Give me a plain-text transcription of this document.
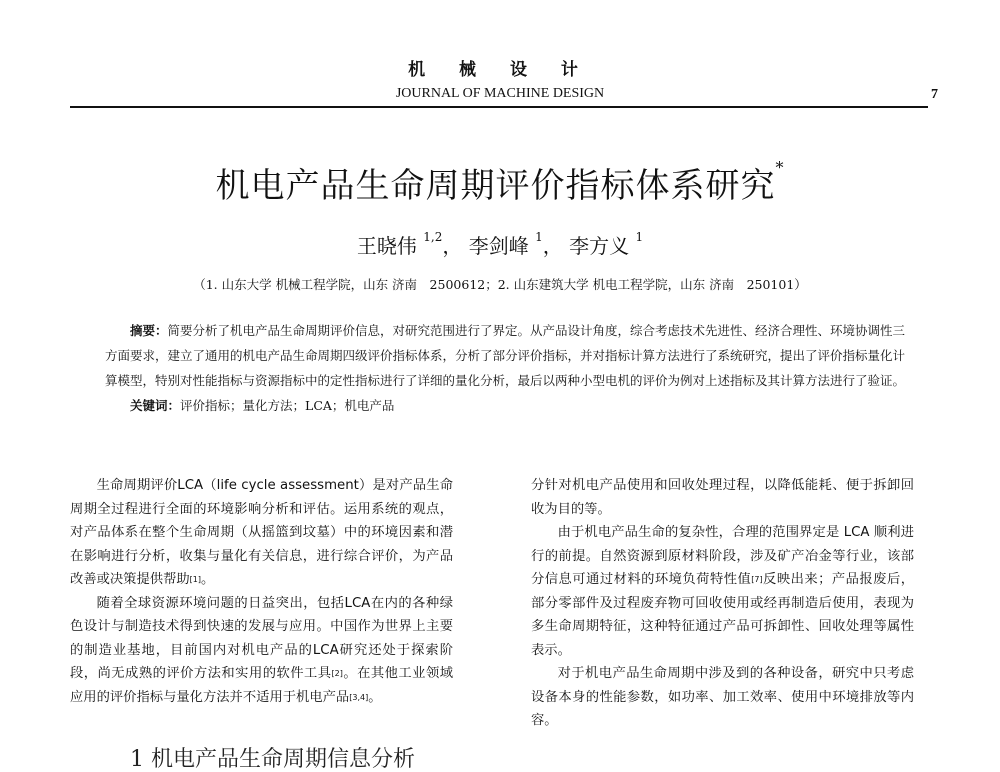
机 械 设 计
JOURNAL OF MACHINE DESIGN	7
机电产品生命周期评价指标体系研究*
王晓伟 $^{1,2}$， 李剑峰 $^1$， 李方义 $^1$
（1. 山东大学 机械工程学院，山东 济南　2500612；2. 山东建筑大学 机电工程学院，山东 济南　250101）

摘要：简要分析了机电产品生命周期评价信息，对研究范围进行了界定。从产品设计角度，综合考虑技术先进性、经济合理性、环境协调性三方面要求，建立了通用的机电产品生命周期四级评价指标体系，分析了部分评价指标，并对指标计算方法进行了系统研究，提出了评价指标量化计算模型，特别对性能指标与资源指标中的定性指标进行了详细的量化分析，最后以两种小型电机的评价为例对上述指标及其计算方法进行了验证。

关键词：评价指标；量化方法；LCA；机电产品

生命周期评价LCA（life cycle assessment）是对产品生命周期全过程进行全面的环境影响分析和评估。运用系统的观点，对产品体系在整个生命周期（从摇篮到坟墓）中的环境因素和潜在影响进行分析，收集与量化有关信息，进行综合评价，为产品改善或决策提供帮助[1]。

随着全球资源环境问题的日益突出，包括LCA在内的各种绿色设计与制造技术得到快速的发展与应用。中国作为世界上主要的制造业基地，目前国内对机电产品的LCA研究还处于探索阶段，尚无成熟的评价方法和实用的软件工具[2]。在其他工业领域应用的评价指标与量化方法并不适用于机电产品[3,4]。

分针对机电产品使用和回收处理过程，以降低能耗、便于拆卸回收为目的等。

由于机电产品生命的复杂性，合理的范围界定是 LCA 顺利进行的前提。自然资源到原材料阶段，涉及矿产冶金等行业，该部分信息可通过材料的环境负荷特性值[7]反映出来；产品报废后，部分零部件及过程废弃物可回收使用或经再制造后使用，表现为多生命周期特征，这种特征通过产品可拆卸性、回收处理等属性表示。

对于机电产品生命周期中涉及到的各种设备，研究中只考虑设备本身的性能参数，如功率、加工效率、使用中环境排放等内容。

1 机电产品生命周期信息分析
